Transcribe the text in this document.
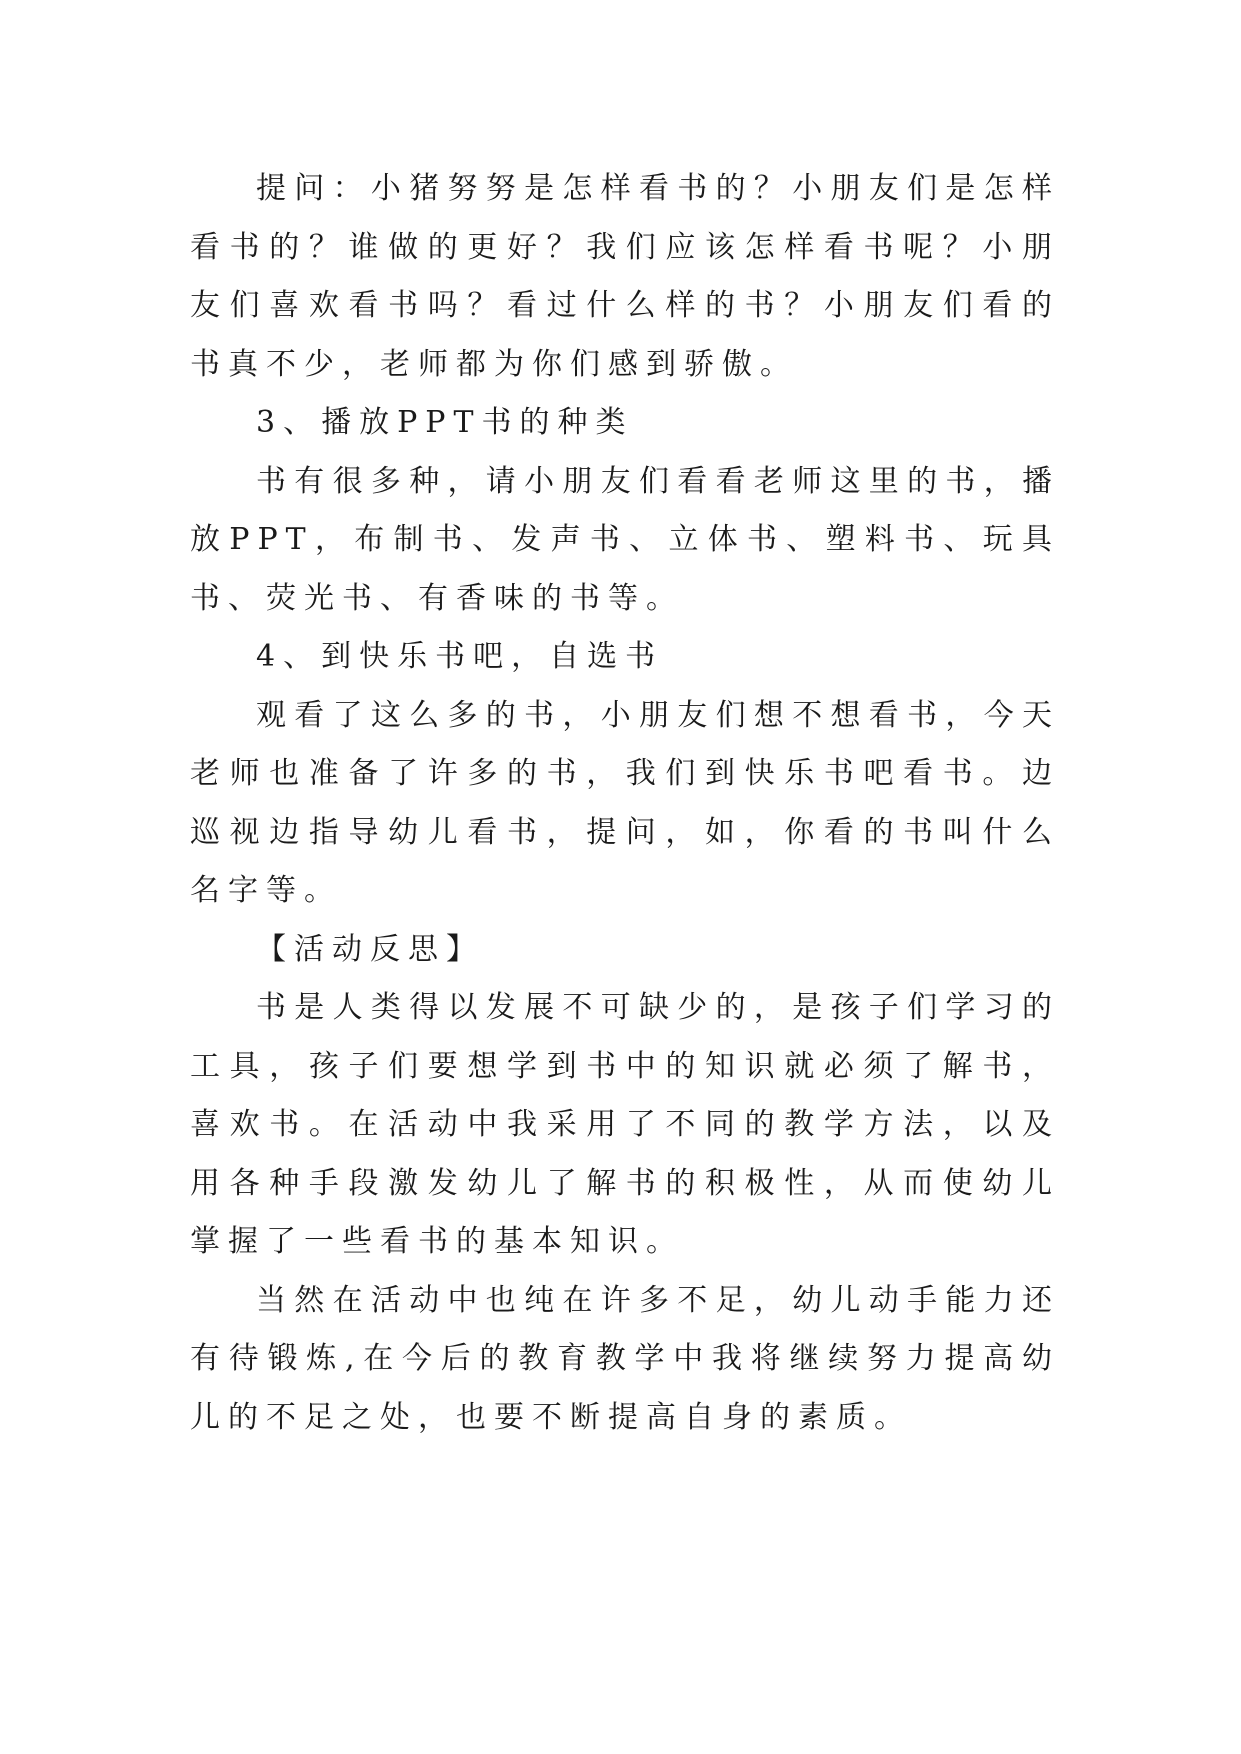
提问：小猪努努是怎样看书的？小朋友们是怎样看书的？谁做的更好？我们应该怎样看书呢？小朋友们喜欢看书吗？看过什么样的书？小朋友们看的书真不少，老师都为你们感到骄傲。

3、播放PPT书的种类

书有很多种，请小朋友们看看老师这里的书，播放PPT，布制书、发声书、立体书、塑料书、玩具书、荧光书、有香味的书等。

4、到快乐书吧，自选书

观看了这么多的书，小朋友们想不想看书，今天老师也准备了许多的书，我们到快乐书吧看书。边巡视边指导幼儿看书，提问，如，你看的书叫什么名字等。

【活动反思】

书是人类得以发展不可缺少的，是孩子们学习的工具，孩子们要想学到书中的知识就必须了解书，喜欢书。在活动中我采用了不同的教学方法，以及用各种手段激发幼儿了解书的积极性，从而使幼儿掌握了一些看书的基本知识。

当然在活动中也纯在许多不足，幼儿动手能力还有待锻炼,在今后的教育教学中我将继续努力提高幼儿的不足之处，也要不断提高自身的素质。
